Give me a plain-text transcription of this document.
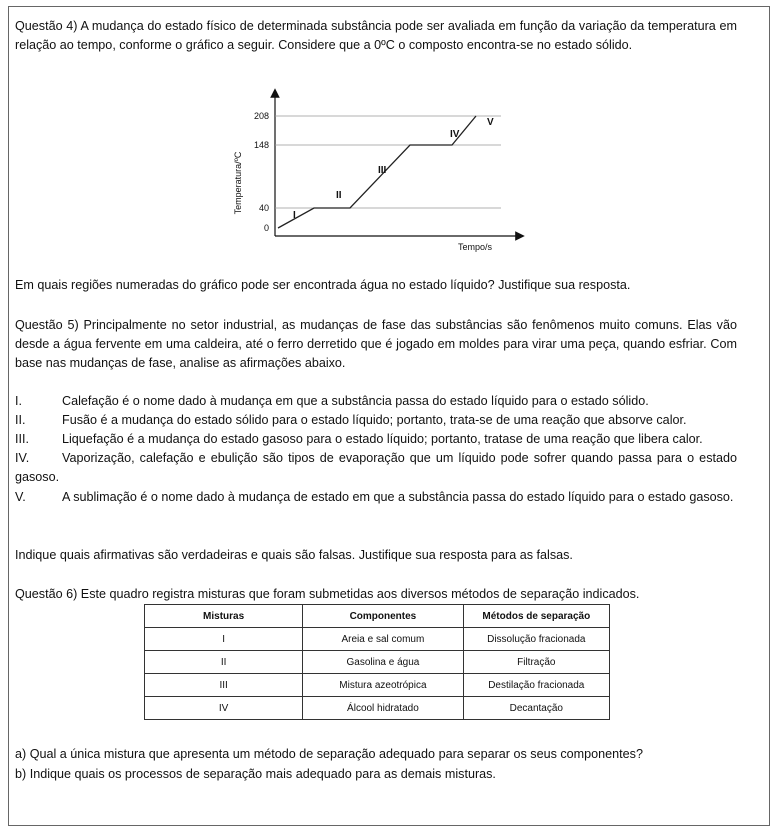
Questão 4) A mudança do estado físico de determinada substância pode ser avaliada em função da variação da temperatura em relação ao tempo, conforme o gráfico a seguir. Considere que a 0ºC o composto encontra-se no estado sólido.

208
148
40
0
Temperatura/ºC
Tempo/s
I
II
III
IV
V

Em quais regiões numeradas do gráfico pode ser encontrada água no estado líquido? Justifique sua resposta.

Questão 5) Principalmente no setor industrial, as mudanças de fase das substâncias são fenômenos muito comuns. Elas vão desde a água fervente em uma caldeira, até o ferro derretido que é jogado em moldes para virar uma peça, quando esfriar. Com base nas mudanças de fase, analise as afirmações abaixo.

I.	Calefação é o nome dado à mudança em que a substância passa do estado líquido para o estado sólido.
II.	Fusão é a mudança do estado sólido para o estado líquido; portanto, trata-se de uma reação que absorve calor.
III.	Liquefação é a mudança do estado gasoso para o estado líquido; portanto, tratase de uma reação que libera calor.
IV.	Vaporização, calefação e ebulição são tipos de evaporação que um líquido pode sofrer quando passa para o estado gasoso.
V.	A sublimação é o nome dado à mudança de estado em que a substância passa do estado líquido para o estado gasoso.

Indique quais afirmativas são verdadeiras e quais são falsas. Justifique sua resposta para as falsas.

Questão 6) Este quadro registra misturas que foram submetidas aos diversos métodos de separação indicados.

Misturas	Componentes	Métodos de separação
I	Areia e sal comum	Dissolução fracionada
II	Gasolina e água	Filtração
III	Mistura azeotrópica	Destilação fracionada
IV	Álcool hidratado	Decantação

a) Qual a única mistura que apresenta um método de separação adequado para separar os seus componentes?

b) Indique quais os processos de separação mais adequado para as demais misturas.
